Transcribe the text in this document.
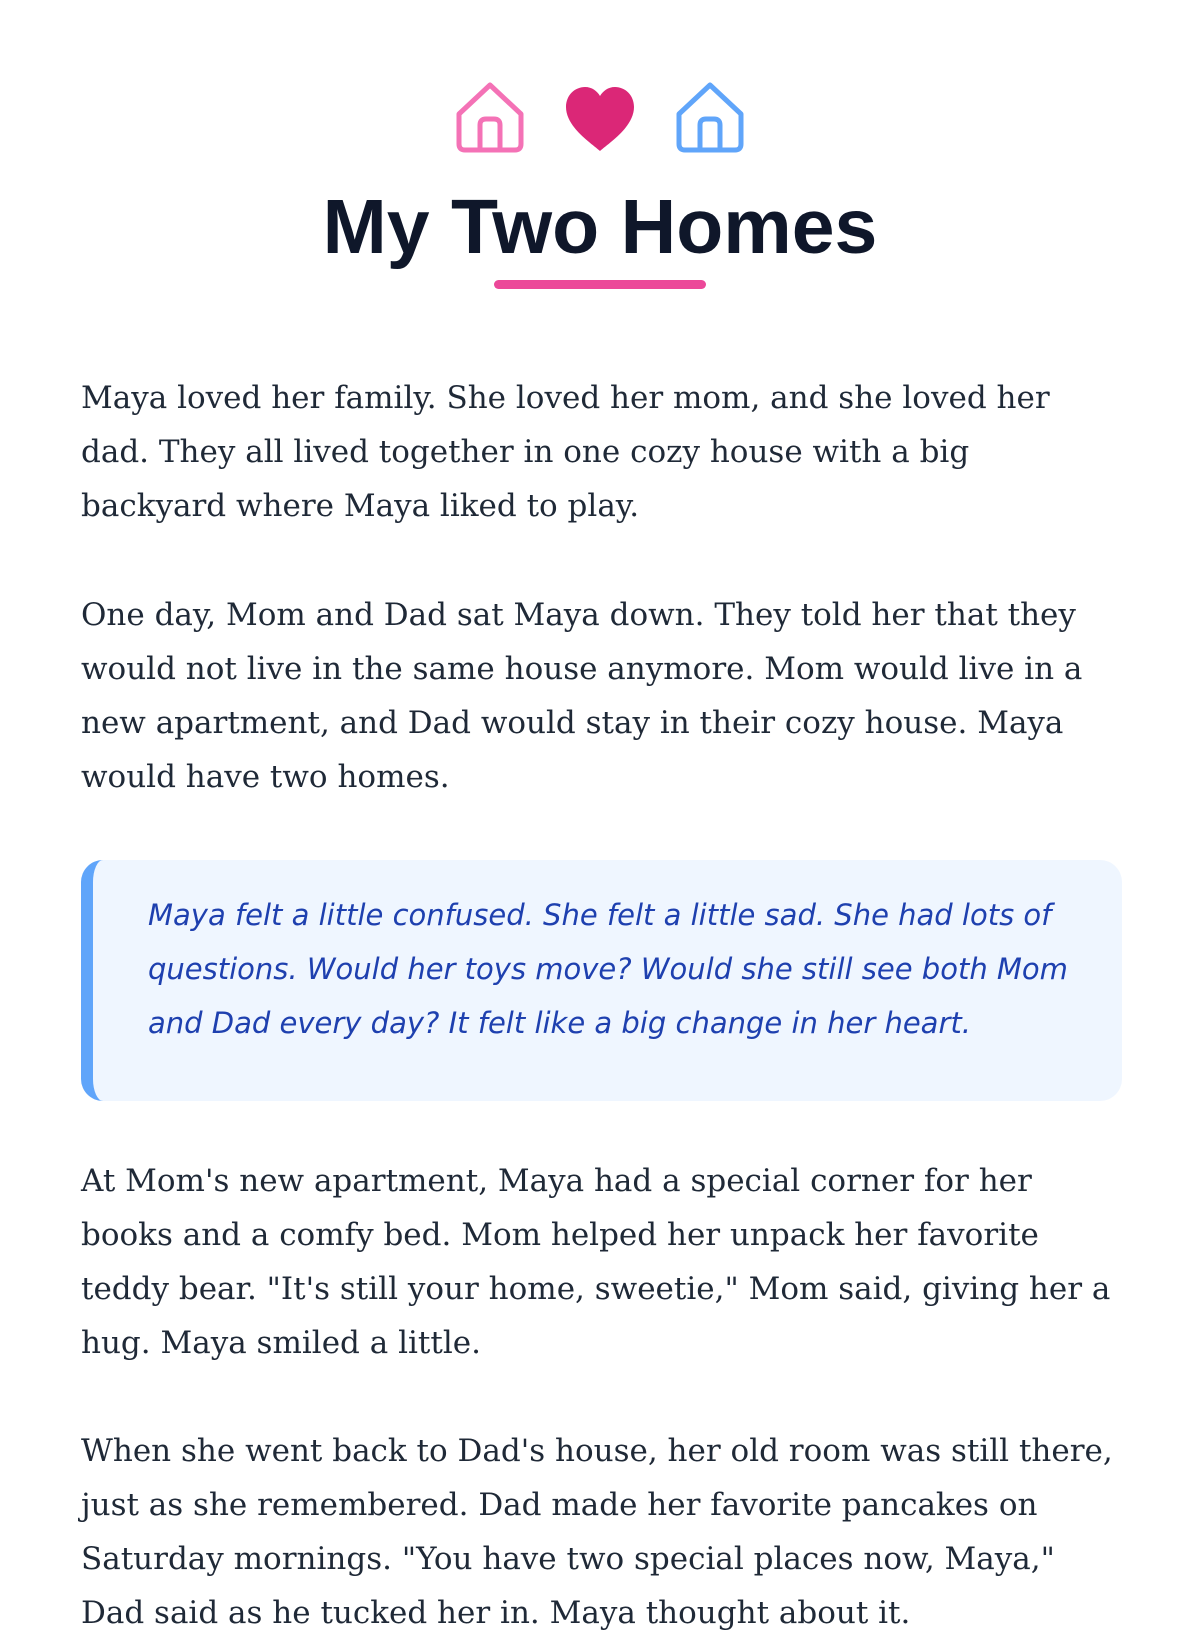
My Two Homes

Maya loved her family. She loved her mom, and she loved her dad. They all lived together in one cozy house with a big backyard where Maya liked to play.

One day, Mom and Dad sat Maya down. They told her that they would not live in the same house anymore. Mom would live in a new apartment, and Dad would stay in their cozy house. Maya would have two homes.

Maya felt a little confused. She felt a little sad. She had lots of questions. Would her toys move? Would she still see both Mom and Dad every day? It felt like a big change in her heart.

At Mom's new apartment, Maya had a special corner for her books and a comfy bed. Mom helped her unpack her favorite teddy bear. "It's still your home, sweetie," Mom said, giving her a hug. Maya smiled a little.

When she went back to Dad's house, her old room was still there, just as she remembered. Dad made her favorite pancakes on Saturday mornings. "You have two special places now, Maya," Dad said as he tucked her in. Maya thought about it.
